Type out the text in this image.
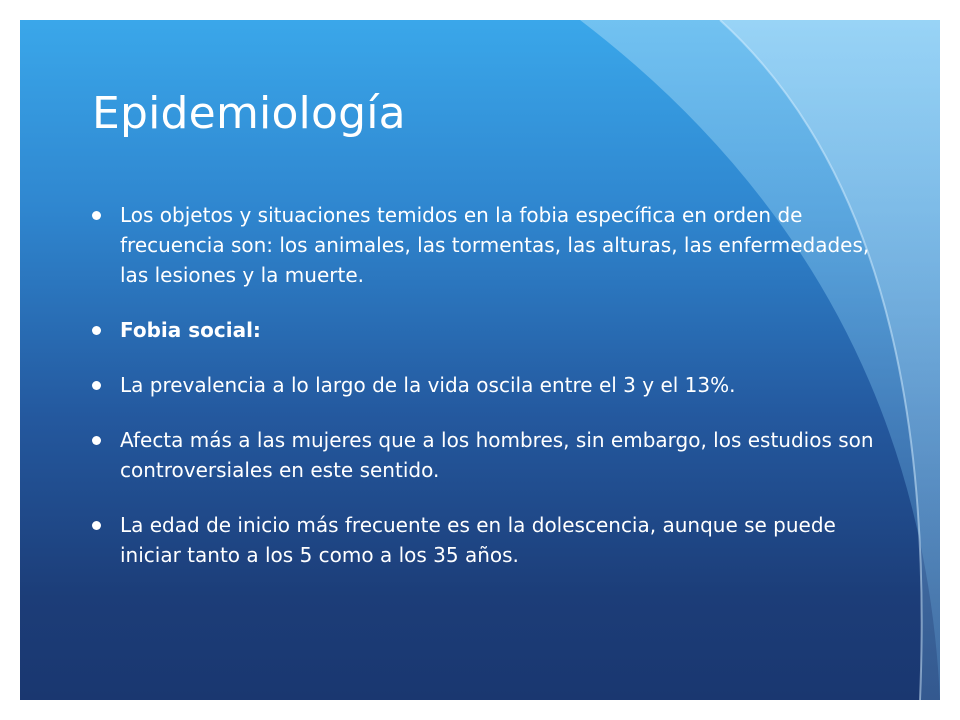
Epidemiología
Los objetos y situaciones temidos en la fobia específica en orden de frecuencia son: los animales, las tormentas, las alturas, las enfermedades, las lesiones y la muerte.
Fobia social:
La prevalencia a lo largo de la vida oscila entre el 3 y el 13%.
Afecta más a las mujeres que a los hombres, sin embargo, los estudios son controversiales en este sentido.
La edad de inicio más frecuente es en la dolescencia, aunque se puede iniciar tanto a los 5 como a los 35 años.
